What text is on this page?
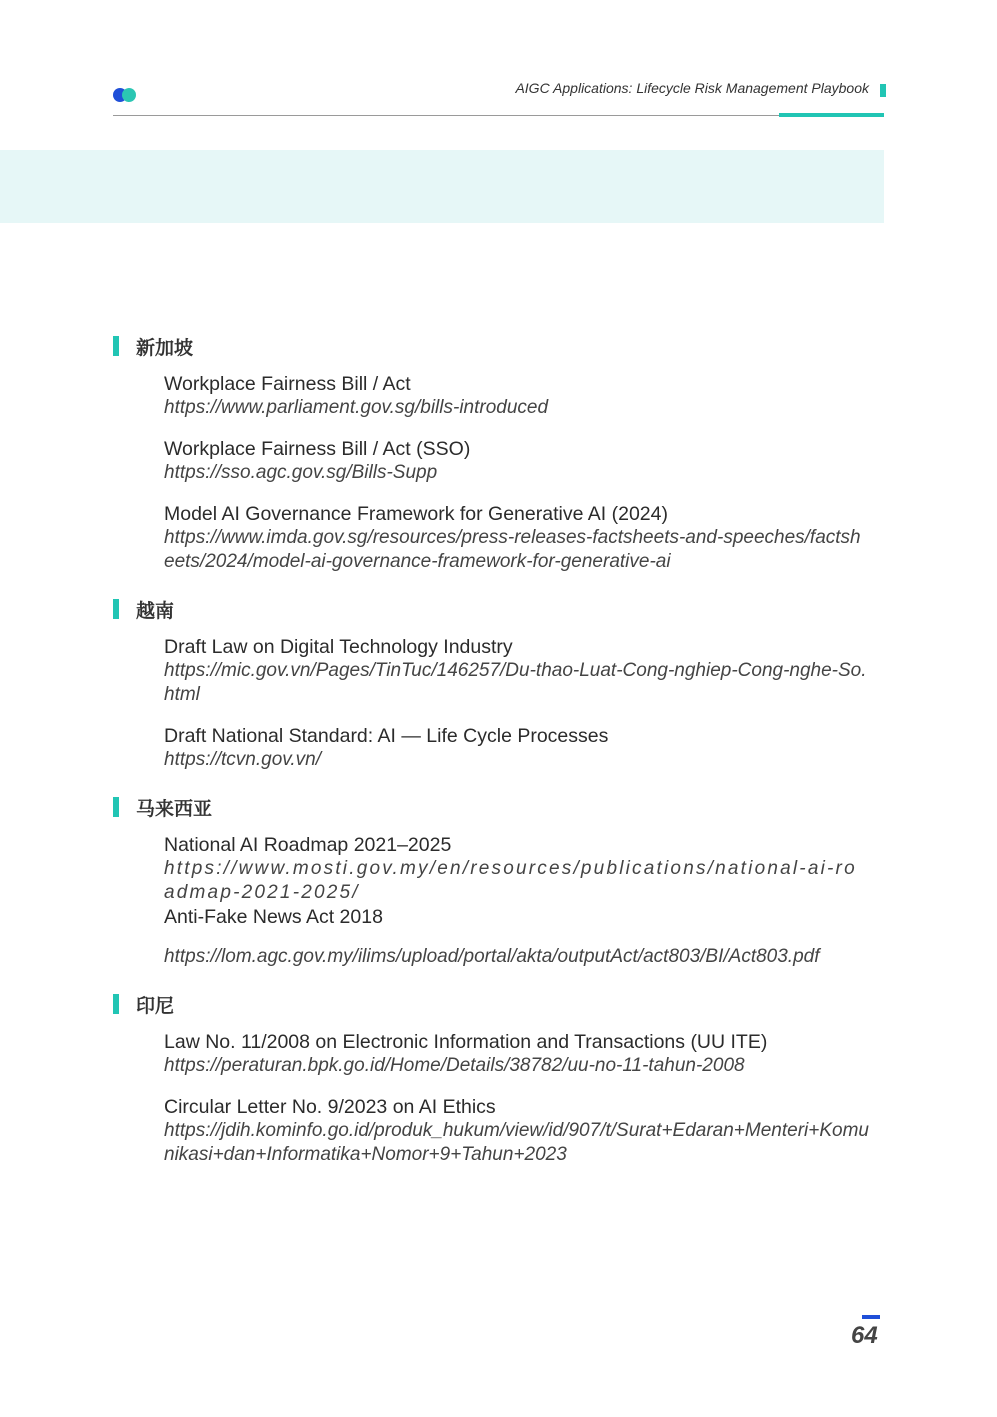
AIGC Applications: Lifecycle Risk Management Playbook
新加坡
Workplace Fairness Bill / Act
https://www.parliament.gov.sg/bills-introduced
Workplace Fairness Bill / Act (SSO)
https://sso.agc.gov.sg/Bills-Supp
Model AI Governance Framework for Generative AI (2024)
https://www.imda.gov.sg/resources/press-releases-factsheets-and-speeches/factsheets/2024/model-ai-governance-framework-for-generative-ai
越南
Draft Law on Digital Technology Industry
https://mic.gov.vn/Pages/TinTuc/146257/Du-thao-Luat-Cong-nghiep-Cong-nghe-So.html
Draft National Standard: AI — Life Cycle Processes
https://tcvn.gov.vn/
马来西亚
National AI Roadmap 2021–2025
https://www.mosti.gov.my/en/resources/publications/national-ai-roadmap-2021-2025/
Anti-Fake News Act 2018
https://lom.agc.gov.my/ilims/upload/portal/akta/outputAct/act803/BI/Act803.pdf
印尼
Law No. 11/2008 on Electronic Information and Transactions (UU ITE)
https://peraturan.bpk.go.id/Home/Details/38782/uu-no-11-tahun-2008
Circular Letter No. 9/2023 on AI Ethics
https://jdih.kominfo.go.id/produk_hukum/view/id/907/t/Surat+Edaran+Menteri+Komunikasi+dan+Informatika+Nomor+9+Tahun+2023
64
